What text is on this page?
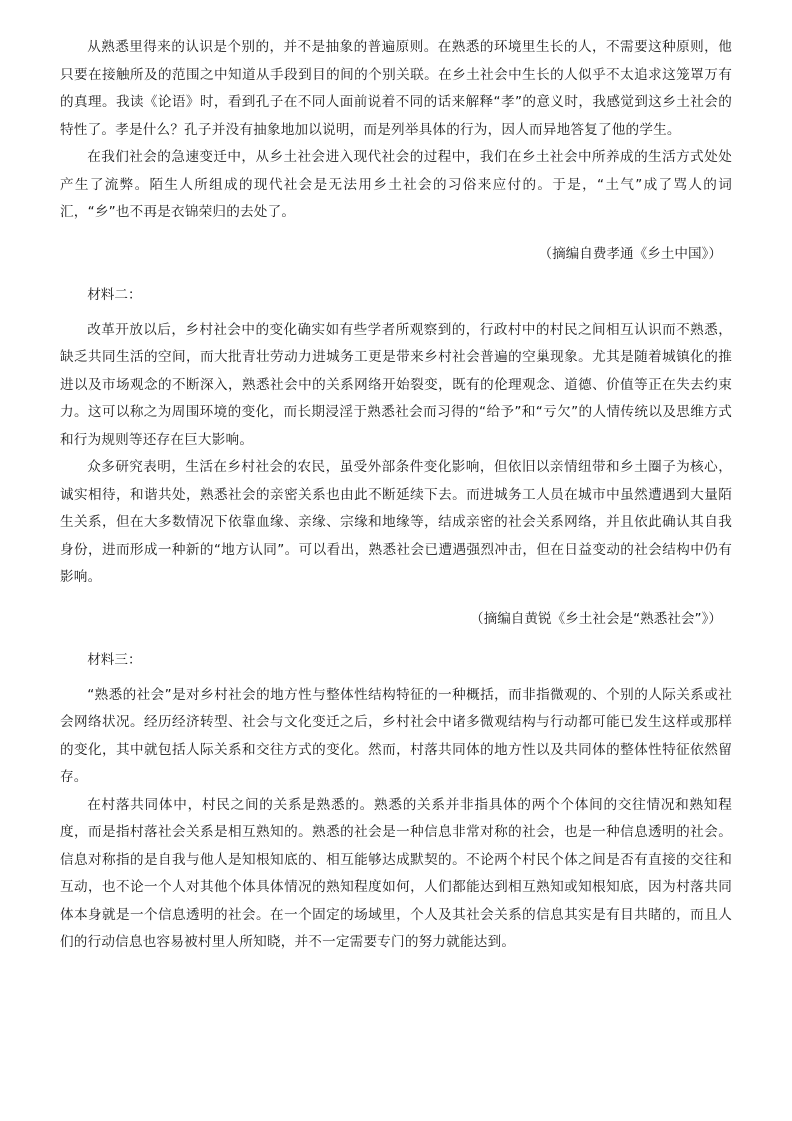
从熟悉里得来的认识是个别的，并不是抽象的普遍原则。在熟悉的环境里生长的人，不需要这种原则，他只要在接触所及的范围之中知道从手段到目的间的个别关联。在乡土社会中生长的人似乎不太追求这笼罩万有的真理。我读《论语》时，看到孔子在不同人面前说着不同的话来解释“孝”的意义时，我感觉到这乡土社会的特性了。孝是什么？孔子并没有抽象地加以说明，而是列举具体的行为，因人而异地答复了他的学生。

在我们社会的急速变迁中，从乡土社会进入现代社会的过程中，我们在乡土社会中所养成的生活方式处处产生了流弊。陌生人所组成的现代社会是无法用乡土社会的习俗来应付的。于是，“土气”成了骂人的词汇，“乡”也不再是衣锦荣归的去处了。

（摘编自费孝通《乡土中国》）

材料二：

改革开放以后，乡村社会中的变化确实如有些学者所观察到的，行政村中的村民之间相互认识而不熟悉，缺乏共同生活的空间，而大批青壮劳动力进城务工更是带来乡村社会普遍的空巢现象。尤其是随着城镇化的推进以及市场观念的不断深入，熟悉社会中的关系网络开始裂变，既有的伦理观念、道德、价值等正在失去约束力。这可以称之为周围环境的变化，而长期浸淫于熟悉社会而习得的“给予”和“亏欠”的人情传统以及思维方式和行为规则等还存在巨大影响。

众多研究表明，生活在乡村社会的农民，虽受外部条件变化影响，但依旧以亲情纽带和乡土圈子为核心，诚实相待，和谐共处，熟悉社会的亲密关系也由此不断延续下去。而进城务工人员在城市中虽然遭遇到大量陌生关系，但在大多数情况下依靠血缘、亲缘、宗缘和地缘等，结成亲密的社会关系网络，并且依此确认其自我身份，进而形成一种新的“地方认同”。可以看出，熟悉社会已遭遇强烈冲击，但在日益变动的社会结构中仍有影响。

（摘编自黄锐《乡土社会是“熟悉社会”》）

材料三：

“熟悉的社会”是对乡村社会的地方性与整体性结构特征的一种概括，而非指微观的、个别的人际关系或社会网络状况。经历经济转型、社会与文化变迁之后，乡村社会中诸多微观结构与行动都可能已发生这样或那样的变化，其中就包括人际关系和交往方式的变化。然而，村落共同体的地方性以及共同体的整体性特征依然留存。

在村落共同体中，村民之间的关系是熟悉的。熟悉的关系并非指具体的两个个体间的交往情况和熟知程度，而是指村落社会关系是相互熟知的。熟悉的社会是一种信息非常对称的社会，也是一种信息透明的社会。信息对称指的是自我与他人是知根知底的、相互能够达成默契的。不论两个村民个体之间是否有直接的交往和互动，也不论一个人对其他个体具体情况的熟知程度如何，人们都能达到相互熟知或知根知底，因为村落共同体本身就是一个信息透明的社会。在一个固定的场域里，个人及其社会关系的信息其实是有目共睹的，而且人们的行动信息也容易被村里人所知晓，并不一定需要专门的努力就能达到。
